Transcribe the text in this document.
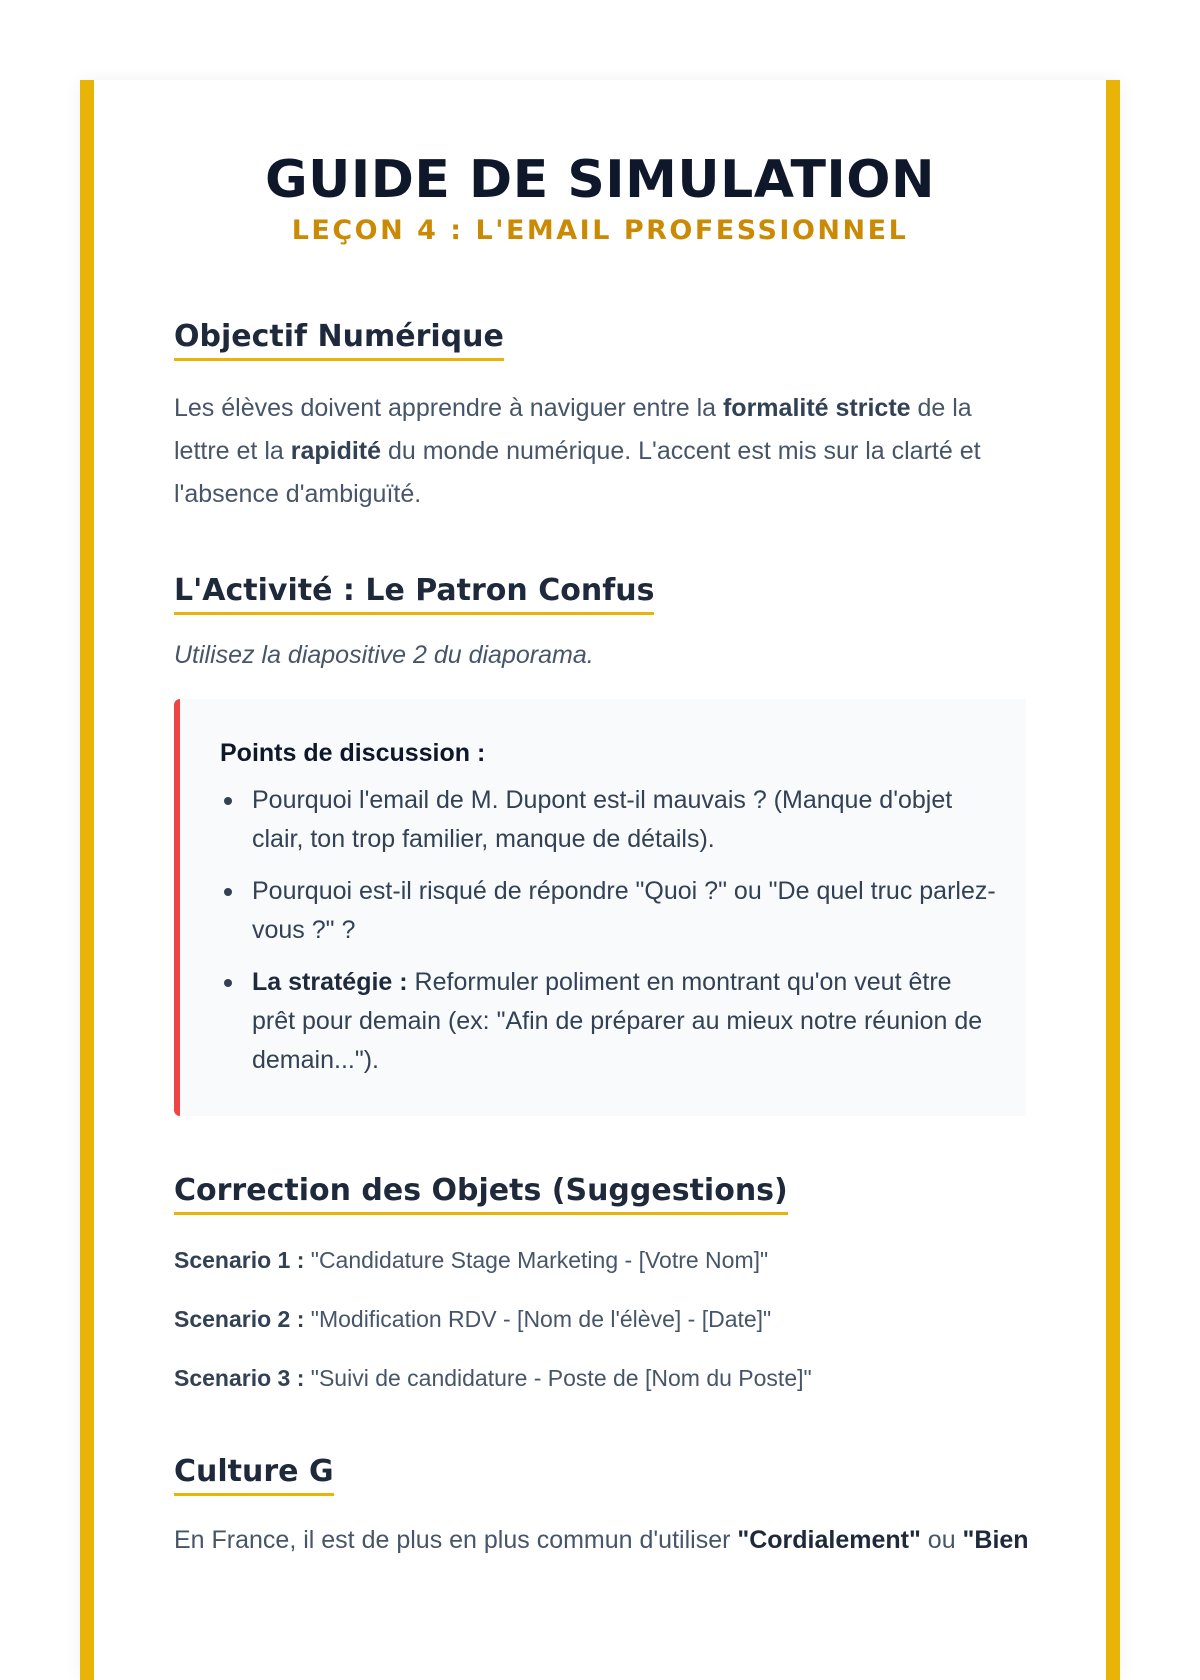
GUIDE DE SIMULATION
LEÇON 4 : L'EMAIL PROFESSIONNEL
Objectif Numérique

Les élèves doivent apprendre à naviguer entre la formalité stricte de la lettre et la rapidité du monde numérique. L'accent est mis sur la clarté et l'absence d'ambiguïté.

L'Activité : Le Patron Confus

Utilisez la diapositive 2 du diaporama.

Points de discussion :

Pourquoi l'email de M. Dupont est-il mauvais ? (Manque d'objet clair, ton trop familier, manque de détails).
Pourquoi est-il risqué de répondre "Quoi ?" ou "De quel truc parlez-vous ?" ?
La stratégie : Reformuler poliment en montrant qu'on veut être prêt pour demain (ex: "Afin de préparer au mieux notre réunion de demain...").
Correction des Objets (Suggestions)

Scenario 1 : "Candidature Stage Marketing - [Votre Nom]"

Scenario 2 : "Modification RDV - [Nom de l'élève] - [Date]"

Scenario 3 : "Suivi de candidature - Poste de [Nom du Poste]"

Culture G

En France, il est de plus en plus commun d'utiliser "Cordialement" ou "Bien
